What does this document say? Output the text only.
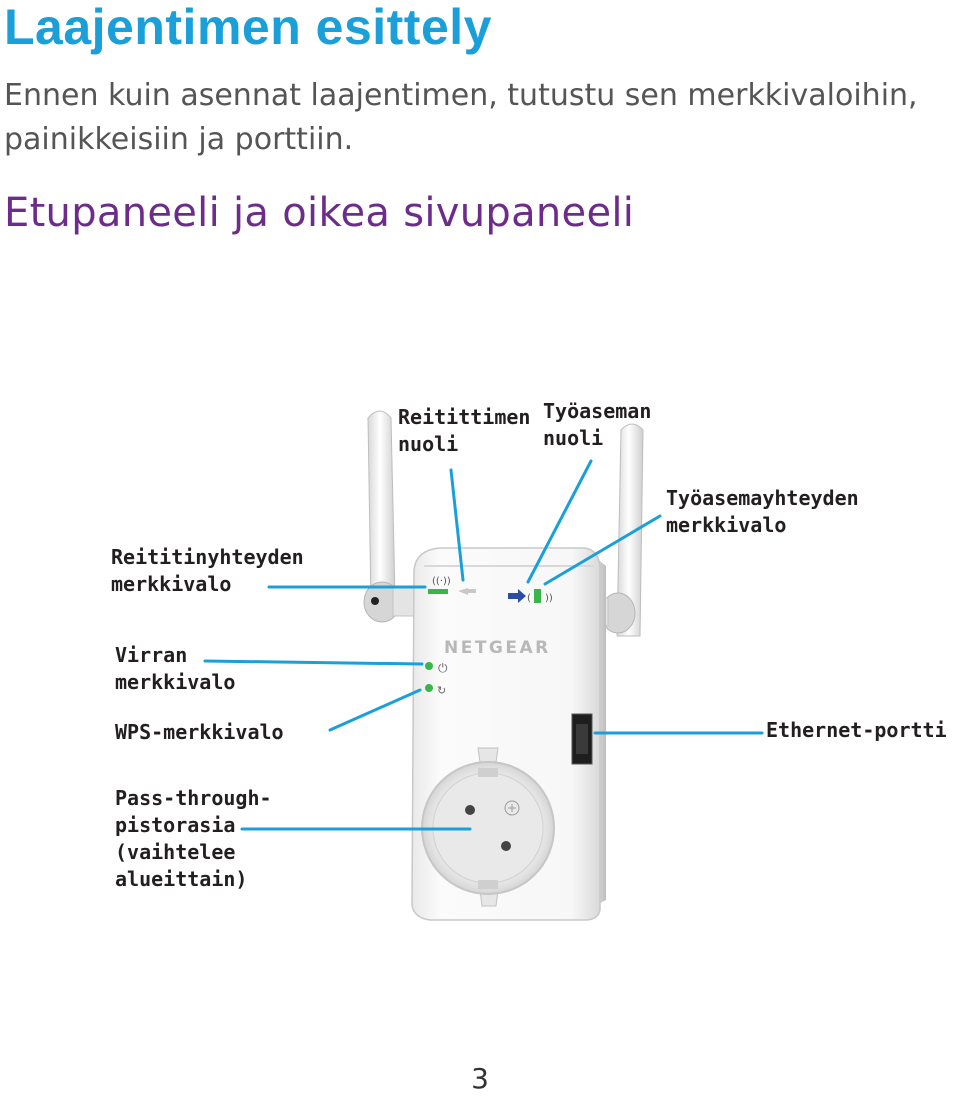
Laajentimen esittely

Ennen kuin asennat laajentimen, tutustu sen merkkivaloihin,
painikkeisiin ja porttiin.

Etupaneeli ja oikea sivupaneeli
((·))
( ))
NETGEAR
⏻
↻

Reitittimen
nuoli

Työaseman
nuoli

Työasemayhteyden
merkkivalo

Reititinyhteyden
merkkivalo

Virran
merkkivalo

WPS-merkkivalo	Ethernet-portti

Pass-through-
pistorasia
(vaihtelee
alueittain)

3
